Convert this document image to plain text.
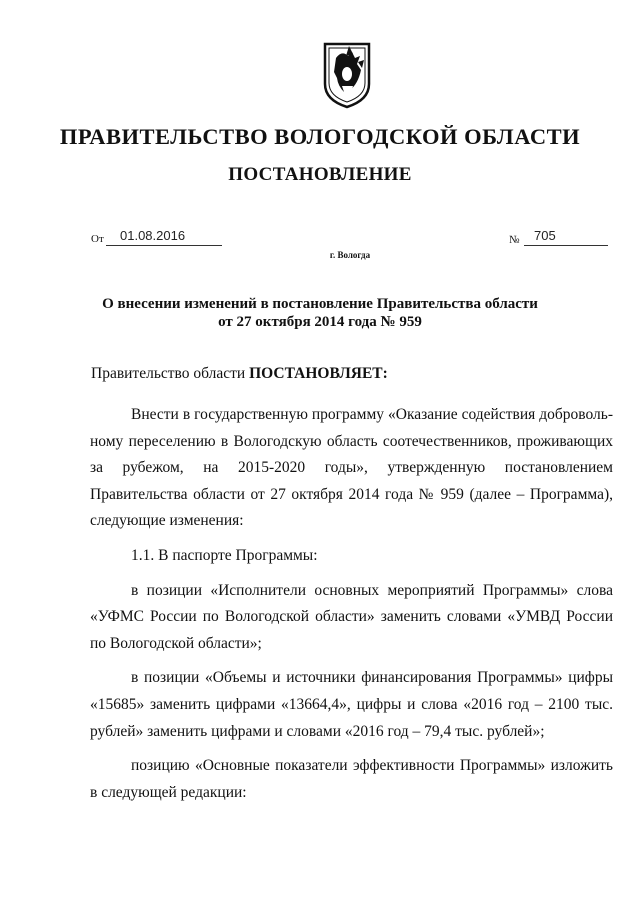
ПРАВИТЕЛЬСТВО ВОЛОГОДСКОЙ ОБЛАСТИ
ПОСТАНОВЛЕНИЕ
От 01.08.2016	№ 705
г. Вологда
О внесении изменений в постановление Правительства области
от 27 октября 2014 года № 959
Правительство области ПОСТАНОВЛЯЕТ:

Внести в государственную программу «Оказание содействия добровольному переселению в Вологодскую область соотечественников, проживающих за рубежом, на 2015-2020 годы», утвержденную постановлением Правительства области от 27 октября 2014 года № 959 (далее – Программа), следующие изменения:

1.1. В паспорте Программы:

в позиции «Исполнители основных мероприятий Программы» слова «УФМС России по Вологодской области» заменить словами «УМВД России по Вологодской области»;

в позиции «Объемы и источники финансирования Программы» цифры «15685» заменить цифрами «13664,4», цифры и слова «2016 год – 2100 тыс. рублей» заменить цифрами и словами «2016 год – 79,4 тыс. рублей»;

позицию «Основные показатели эффективности Программы» изложить в следующей редакции:
